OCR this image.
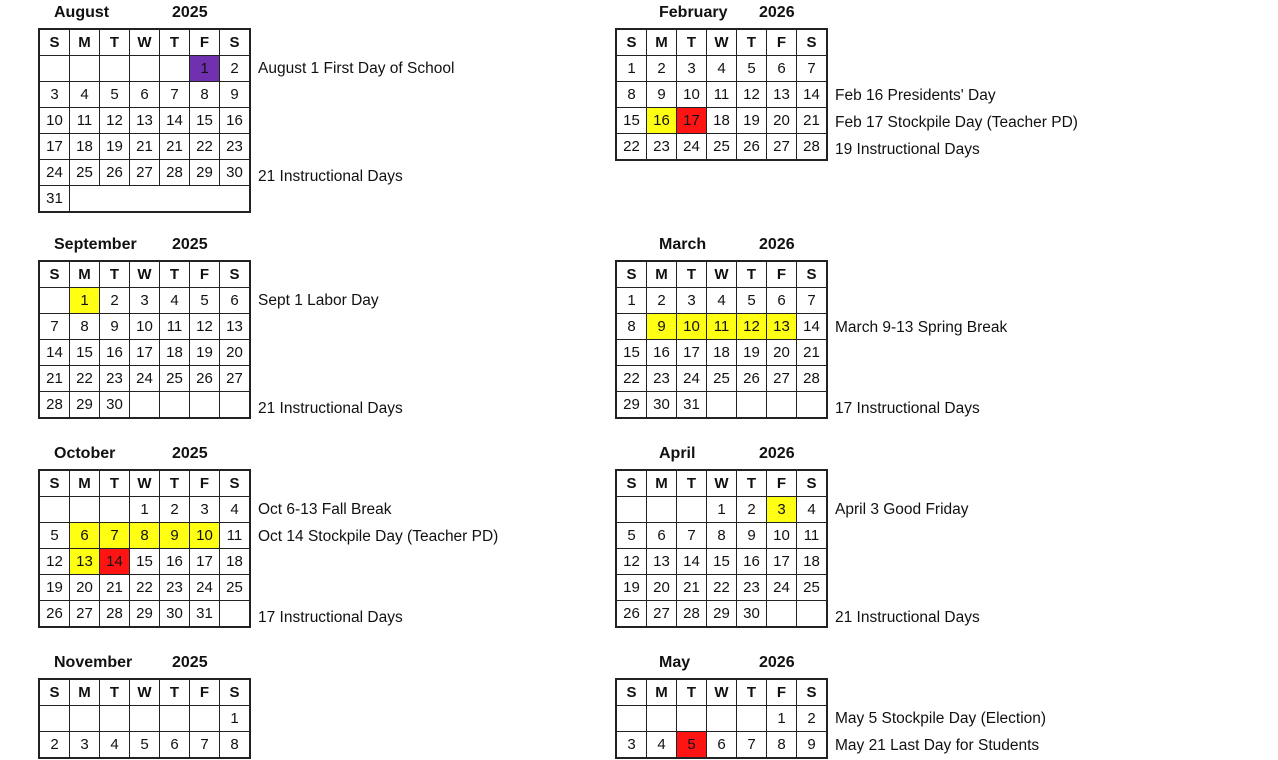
August	2025
S	M	T	W	T	F	S
					1	2
3	4	5	6	7	8	9
10	11	12	13	14	15	16
17	18	19	21	21	22	23
24	25	26	27	28	29	30
31						
August 1 First Day of School
21 Instructional Days
February 2026
S	M	T	W	T	F	S
1	2	3	4	5	6	7
8	9	10	11	12	13	14
15	16	17	18	19	20	21
22	23	24	25	26	27	28
Feb 16 Presidents' Day
Feb 17 Stockpile Day (Teacher PD)
19 Instructional Days
September 2025
S	M	T	W	T	F	S
	1	2	3	4	5	6
7	8	9	10	11	12	13
14	15	16	17	18	19	20
21	22	23	24	25	26	27
28	29	30				
Sept 1 Labor Day
21 Instructional Days
March	2026
S	M	T	W	T	F	S
1	2	3	4	5	6	7
8	9	10	11	12	13	14
15	16	17	18	19	20	21
22	23	24	25	26	27	28
29	30	31				
March 9-13 Spring Break
17 Instructional Days
October	2025
S	M	T	W	T	F	S
			1	2	3	4
5	6	7	8	9	10	11
12	13	14	15	16	17	18
19	20	21	22	23	24	25
26	27	28	29	30	31	
Oct 6-13 Fall Break
Oct 14 Stockpile Day (Teacher PD)
17 Instructional Days
April	2026
S	M	T	W	T	F	S
			1	2	3	4
5	6	7	8	9	10	11
12	13	14	15	16	17	18
19	20	21	22	23	24	25
26	27	28	29	30		
April 3 Good Friday
21 Instructional Days
November 2025
S	M	T	W	T	F	S
						1
2	3	4	5	6	7	8
May	2026
S	M	T	W	T	F	S
					1	2
3	4	5	6	7	8	9
May 5 Stockpile Day (Election)
May 21 Last Day for Students
